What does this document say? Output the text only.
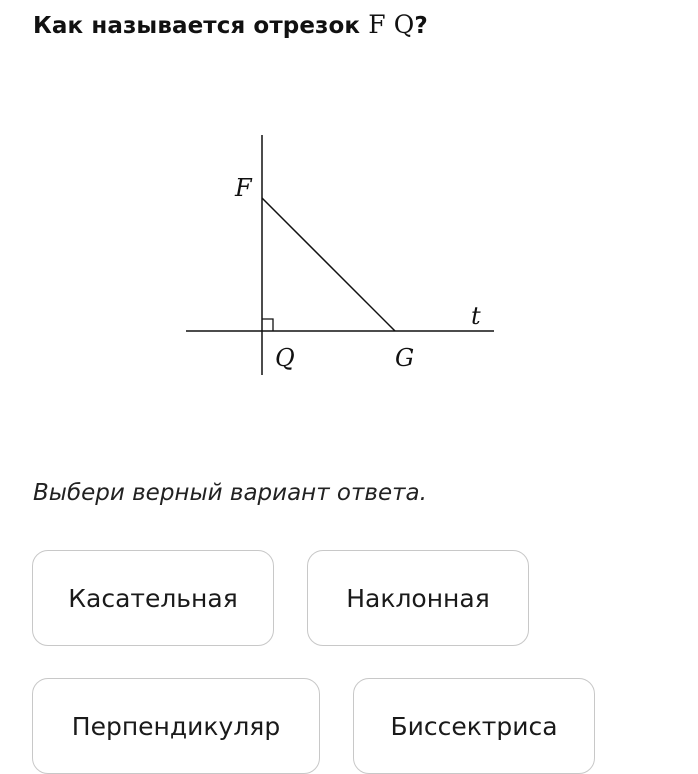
Как называется отрезок F Q?
F
Q	G
t
Выбери верный вариант ответа.
Касательная	Наклонная
Перпендикуляр	Биссектриса
